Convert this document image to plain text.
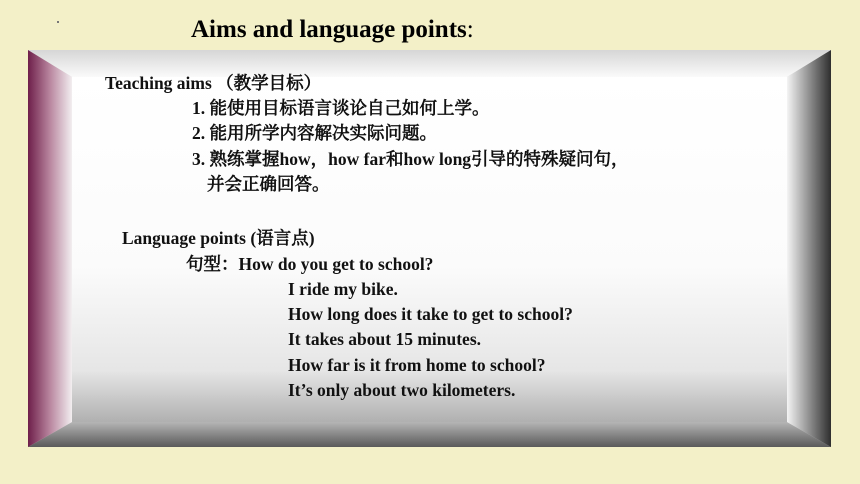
Aims and language points:
Teaching aims （教学目标）
1. 能使用目标语言谈论自己如何上学。
2. 能用所学内容解决实际问题。
3. 熟练掌握how，how far和how long引导的特殊疑问句，
并会正确回答。
Language points (语言点)
句型：How do you get to school?
I ride my bike.
How long does it take to get to school?
It takes about 15 minutes.
How far is it from home to school?
It’s only about two kilometers.
